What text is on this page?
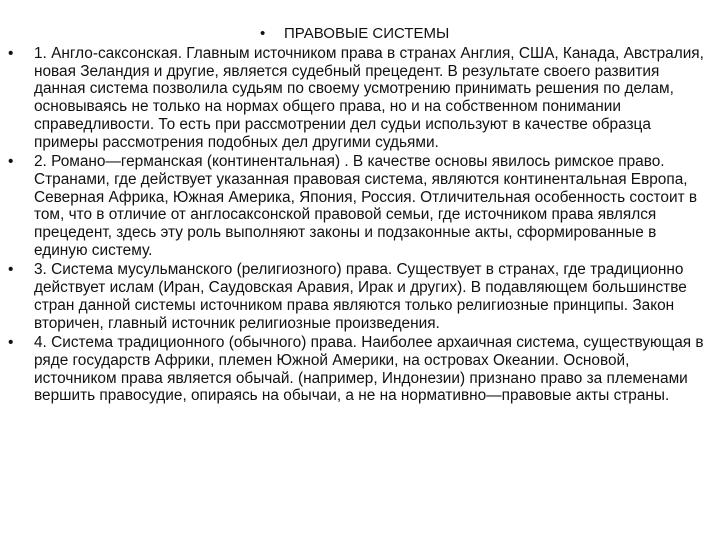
• ПРАВОВЫЕ СИСТЕМЫ
• 1. Англо-саксонская. Главным источником права в странах Англия, США, Канада, Австралия, новая Зеландия и другие, является судебный прецедент. В результате своего развития данная система позволила судьям по своему усмотрению принимать решения по делам, основываясь не только на нормах общего права, но и на собственном понимании справедливости. То есть при рассмотрении дел судьи используют в качестве образца примеры рассмотрения подобных дел другими судьями.
• 2. Романо—германская (континентальная) . В качестве основы явилось римское право. Странами, где действует указанная правовая система, являются континентальная Европа, Северная Африка, Южная Америка, Япония, Россия. Отличительная особенность состоит в том, что в отличие от англосаксонской правовой семьи, где источником права являлся прецедент, здесь эту роль выполняют законы и подзаконные акты, сформированные в единую систему.
• 3. Система мусульманского (религиозного) права. Существует в странах, где традиционно действует ислам (Иран, Саудовская Аравия, Ирак и других). В подавляющем большинстве стран данной системы источником права являются только религиозные принципы. Закон вторичен, главный источник религиозные произведения.
• 4. Система традиционного (обычного) права. Наиболее архаичная система, существующая в ряде государств Африки, племен Южной Америки, на островах Океании. Основой, источником права является обычай. (например, Индонезии) признано право за племенами вершить правосудие, опираясь на обычаи, а не на нормативно—правовые акты страны.
